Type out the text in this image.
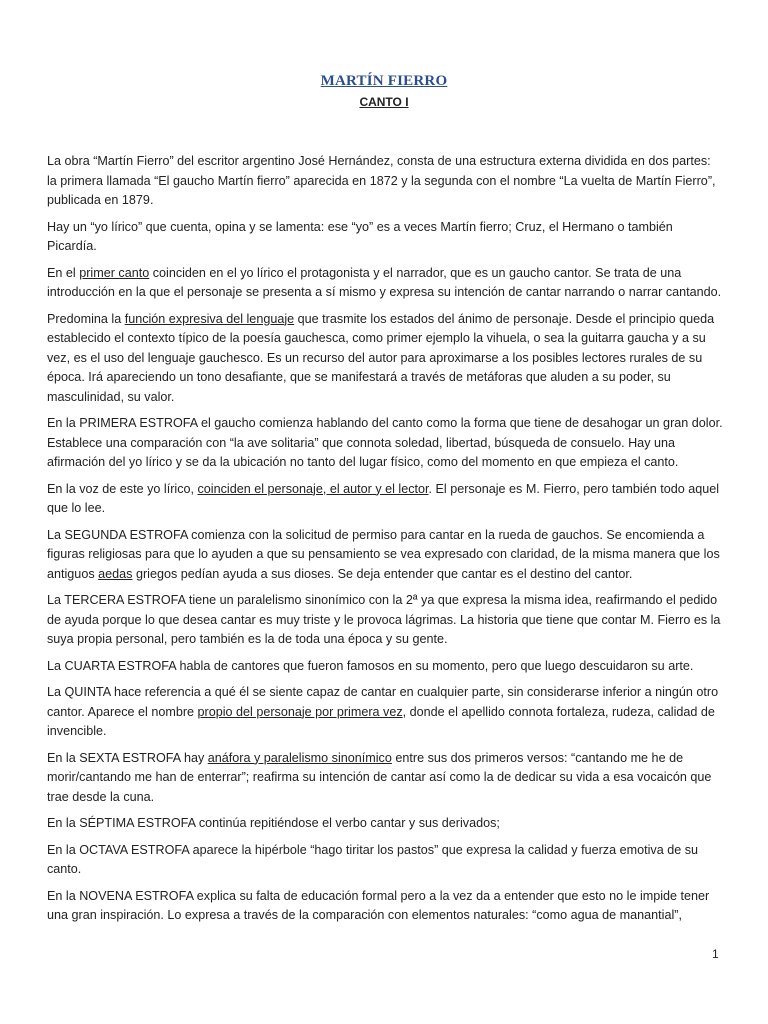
MARTÍN FIERRO
CANTO I

La obra “Martín Fierro” del escritor argentino José Hernández, consta de una estructura externa dividida en dos partes: la primera llamada “El gaucho Martín fierro” aparecida en 1872 y la segunda con el nombre “La vuelta de Martín Fierro”, publicada en 1879.

Hay un “yo lírico” que cuenta, opina y se lamenta: ese “yo” es a veces Martín fierro; Cruz, el Hermano o también Picardía.

En el primer canto coinciden en el yo lírico el protagonista y el narrador, que es un gaucho cantor. Se trata de una introducción en la que el personaje se presenta a sí mismo y expresa su intención de cantar narrando o narrar cantando.

Predomina la función expresiva del lenguaje que trasmite los estados del ánimo de personaje. Desde el principio queda establecido el contexto típico de la poesía gauchesca, como primer ejemplo la vihuela, o sea la guitarra gaucha y a su vez, es el uso del lenguaje gauchesco. Es un recurso del autor para aproximarse a los posibles lectores rurales de su época. Irá apareciendo un tono desafiante, que se manifestará a través de metáforas que aluden a su poder, su masculinidad, su valor.

En la PRIMERA ESTROFA el gaucho comienza hablando del canto como la forma que tiene de desahogar un gran dolor. Establece una comparación con “la ave solitaria” que connota soledad, libertad, búsqueda de consuelo. Hay una afirmación del yo lírico y se da la ubicación no tanto del lugar físico, como del momento en que empieza el canto.

En la voz de este yo lírico, coinciden el personaje, el autor y el lector. El personaje es M. Fierro, pero también todo aquel que lo lee.

La SEGUNDA ESTROFA comienza con la solicitud de permiso para cantar en la rueda de gauchos. Se encomienda a figuras religiosas para que lo ayuden a que su pensamiento se vea expresado con claridad, de la misma manera que los antiguos aedas griegos pedían ayuda a sus dioses. Se deja entender que cantar es el destino del cantor.

La TERCERA ESTROFA tiene un paralelismo sinonímico con la 2ª ya que expresa la misma idea, reafirmando el pedido de ayuda porque lo que desea cantar es muy triste y le provoca lágrimas. La historia que tiene que contar M. Fierro es la suya propia personal, pero también es la de toda una época y su gente.

La CUARTA ESTROFA habla de cantores que fueron famosos en su momento, pero que luego descuidaron su arte.

La QUINTA hace referencia a qué él se siente capaz de cantar en cualquier parte, sin considerarse inferior a ningún otro cantor. Aparece el nombre propio del personaje por primera vez, donde el apellido connota fortaleza, rudeza, calidad de invencible.

En la SEXTA ESTROFA hay anáfora y paralelismo sinonímico entre sus dos primeros versos: “cantando me he de morir/cantando me han de enterrar”; reafirma su intención de cantar así como la de dedicar su vida a esa vocaicón que trae desde la cuna.

En la SÉPTIMA ESTROFA continúa repitiéndose el verbo cantar y sus derivados;

En la OCTAVA ESTROFA aparece la hipérbole “hago tiritar los pastos” que expresa la calidad y fuerza emotiva de su canto.

En la NOVENA ESTROFA explica su falta de educación formal pero a la vez da a entender que esto no le impide tener una gran inspiración. Lo expresa a través de la comparación con elementos naturales: “como agua de manantial”,

1
